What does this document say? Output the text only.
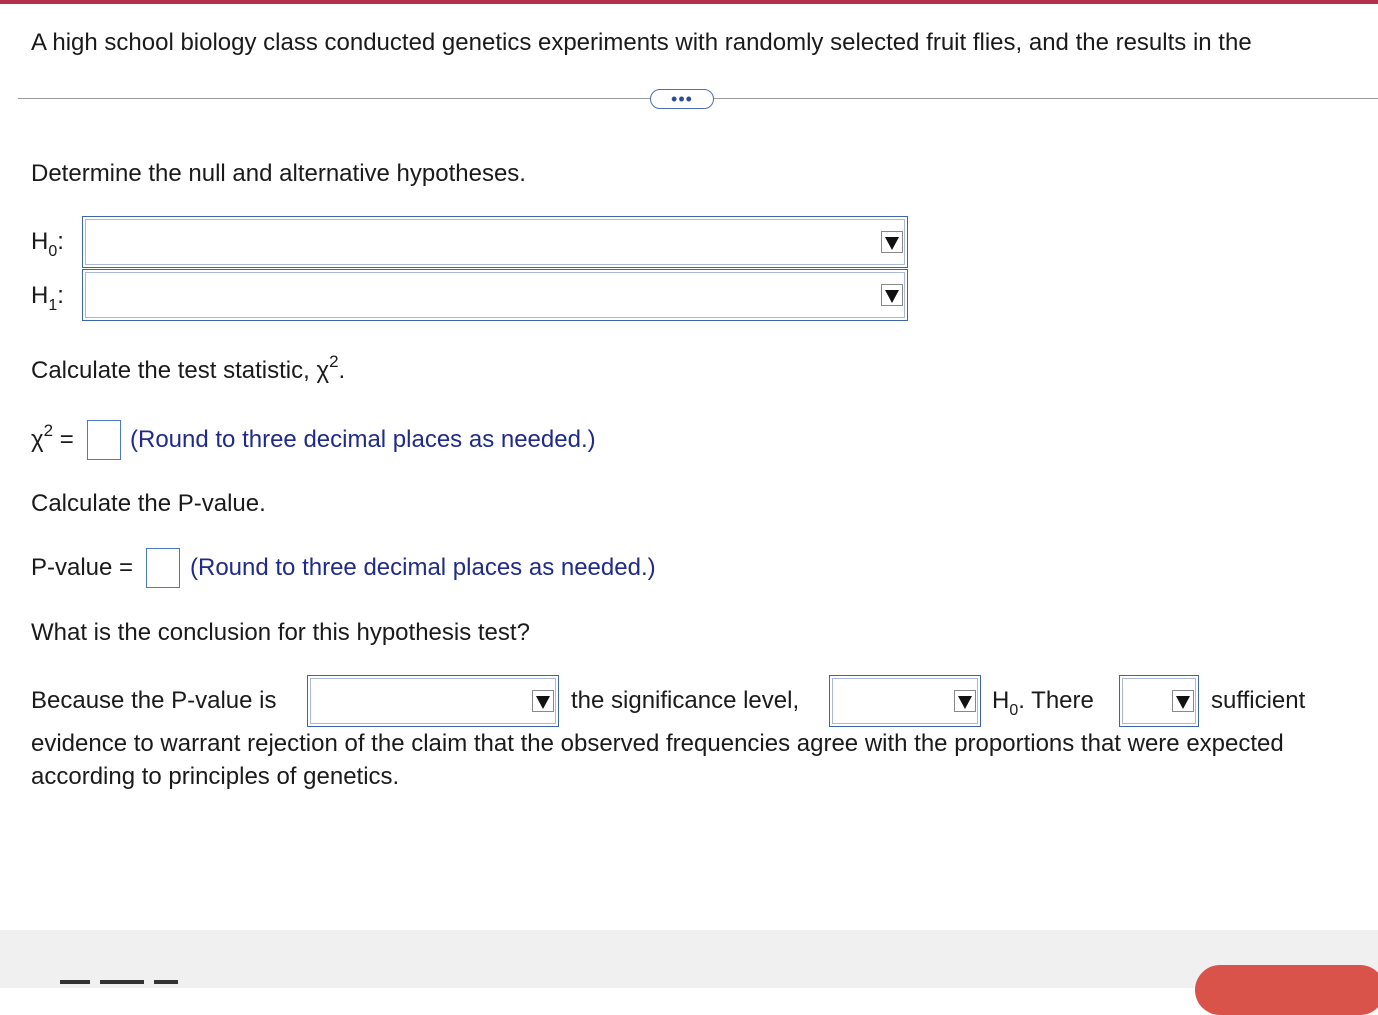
A high school biology class conducted genetics experiments with randomly selected fruit flies, and the results in the
•••
Determine the null and alternative hypotheses.
$H_0$:
$H_1$:
Calculate the test statistic, $\chi^2$.
$\chi^2$ = (Round to three decimal places as needed.)
Calculate the P-value.
P-value = (Round to three decimal places as needed.)
What is the conclusion for this hypothesis test?
Because the P-value is	the significance level,	$H_0$. There	sufficient
evidence to warrant rejection of the claim that the observed frequencies agree with the proportions that were expected
according to principles of genetics.
